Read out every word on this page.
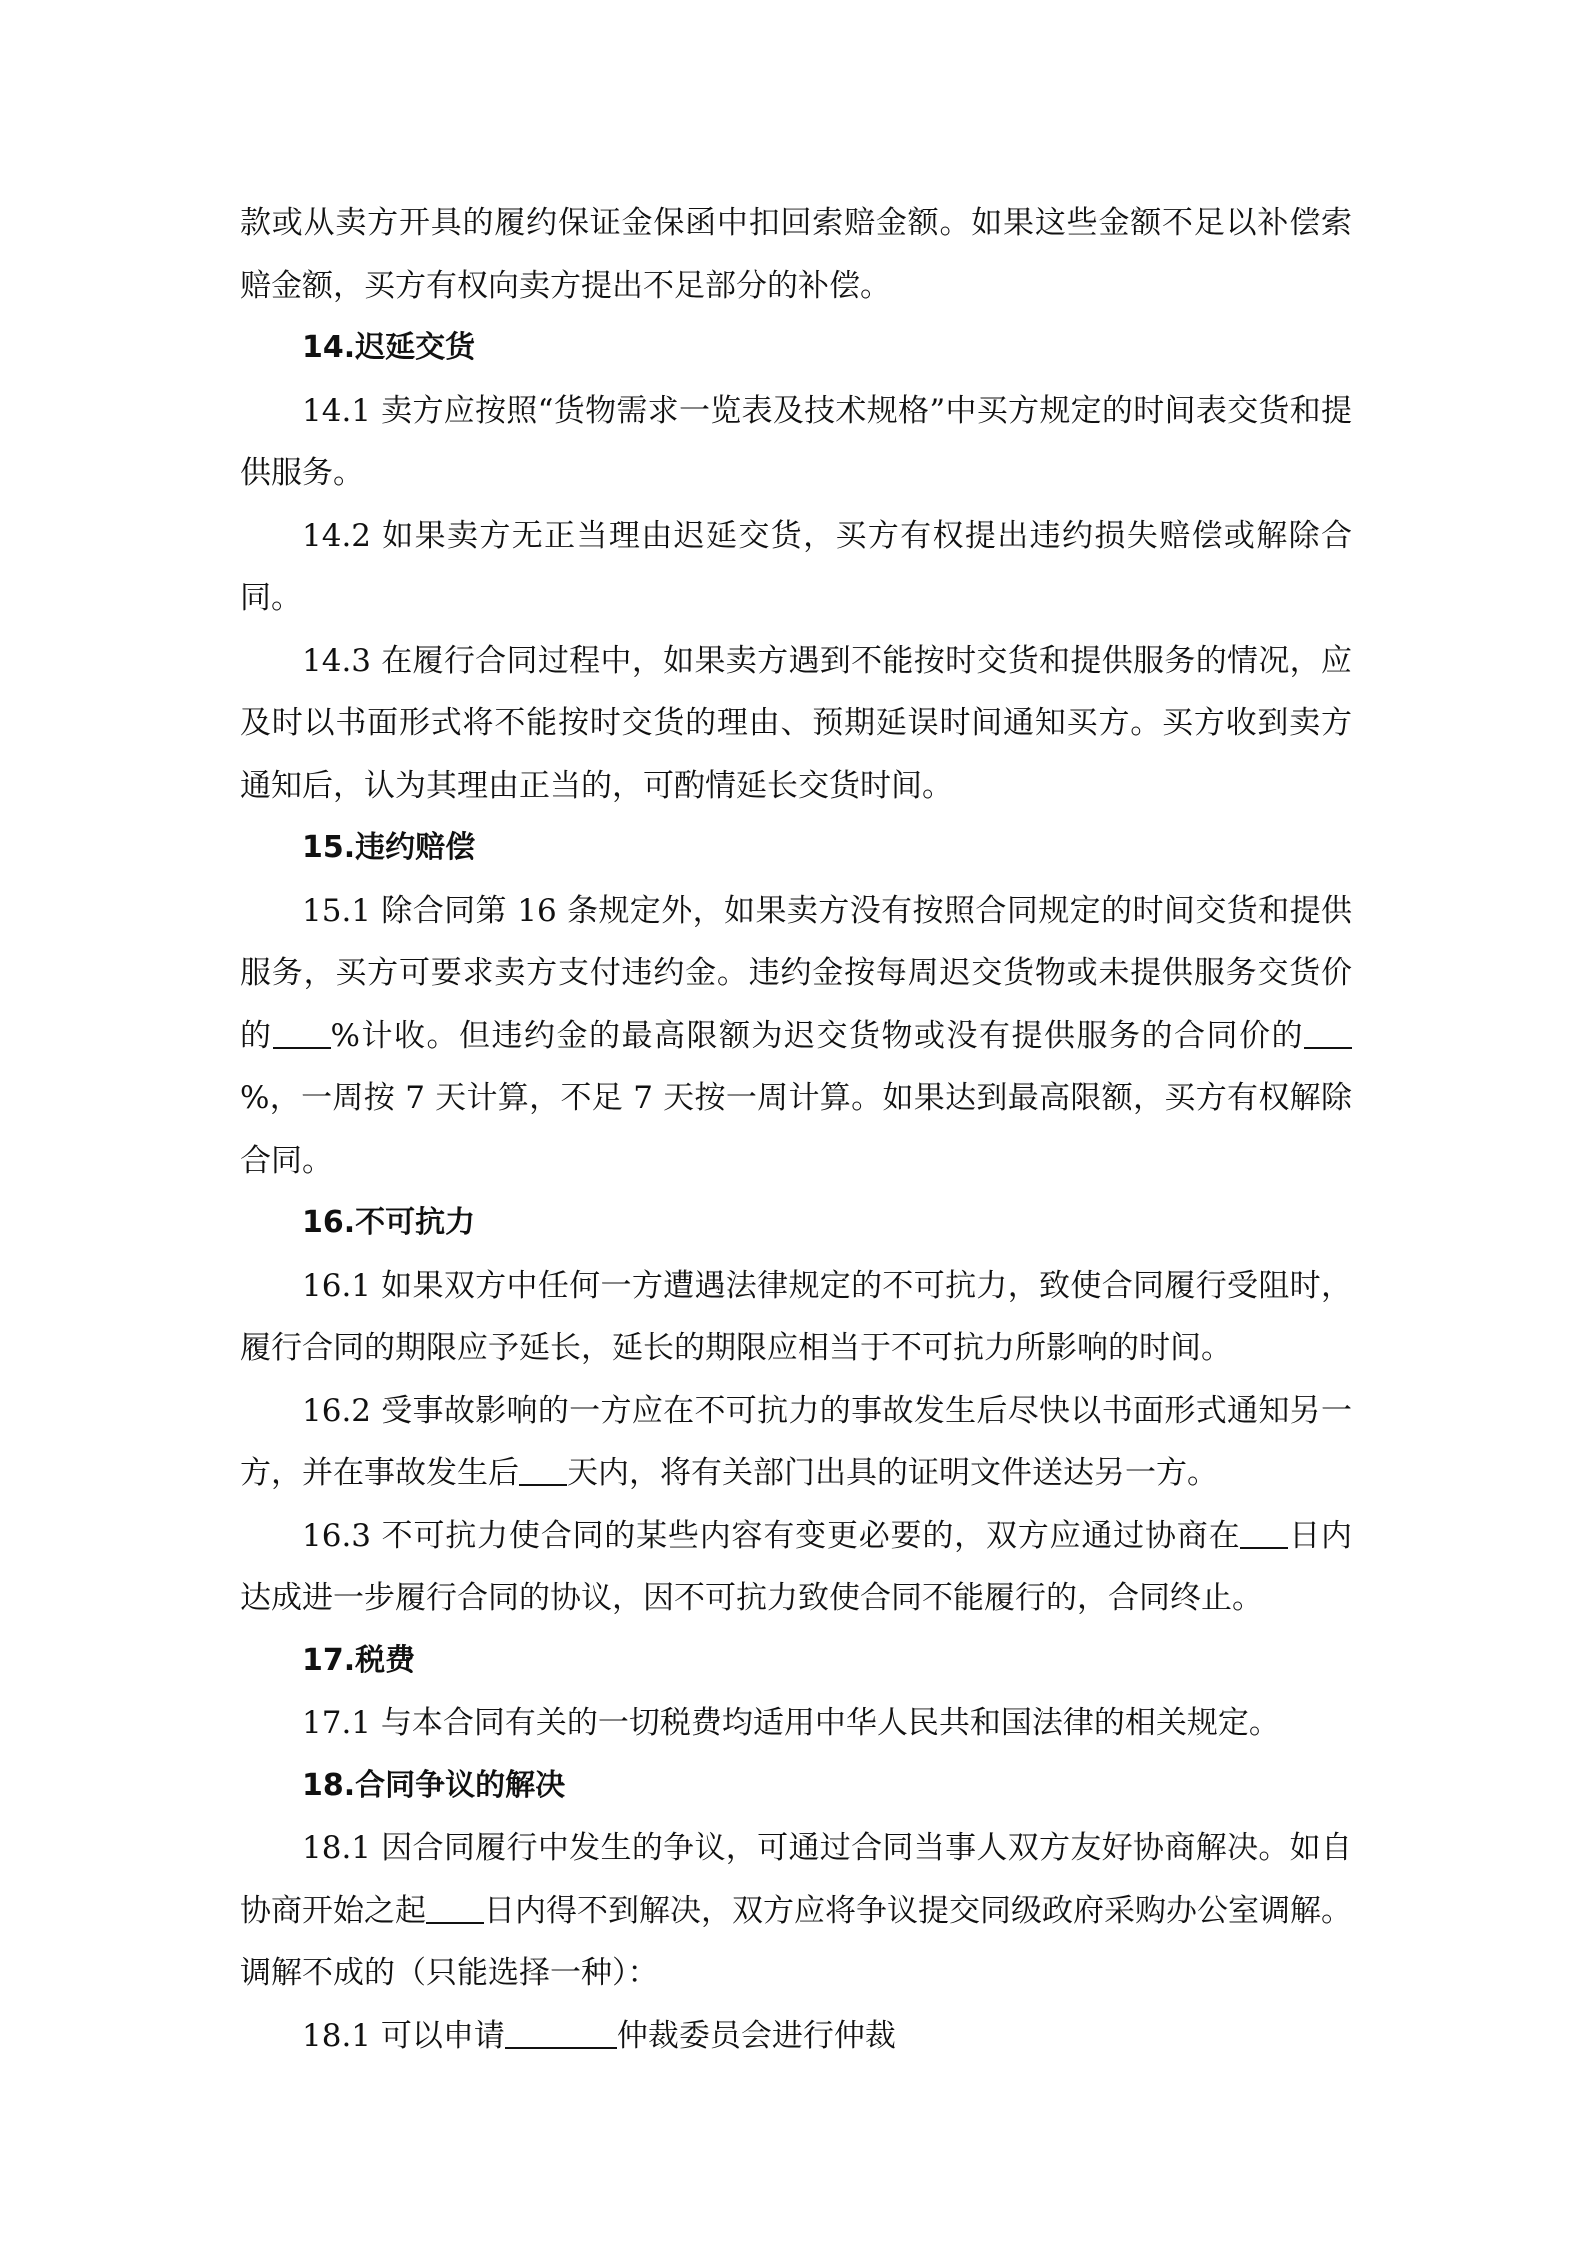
款或从卖方开具的履约保证金保函中扣回索赔金额。如果这些金额不足以补偿索赔金额，买方有权向卖方提出不足部分的补偿。

14.迟延交货

14.1 卖方应按照“货物需求一览表及技术规格”中买方规定的时间表交货和提供服务。

14.2 如果卖方无正当理由迟延交货，买方有权提出违约损失赔偿或解除合同。

14.3 在履行合同过程中，如果卖方遇到不能按时交货和提供服务的情况，应及时以书面形式将不能按时交货的理由、预期延误时间通知买方。买方收到卖方通知后，认为其理由正当的，可酌情延长交货时间。

15.违约赔偿

15.1 除合同第 16 条规定外，如果卖方没有按照合同规定的时间交货和提供服务，买方可要求卖方支付违约金。违约金按每周迟交货物或未提供服务交货价的 %计收。但违约金的最高限额为迟交货物或没有提供服务的合同价的%，一周按 7 天计算，不足 7 天按一周计算。如果达到最高限额，买方有权解除合同。

16.不可抗力

16.1 如果双方中任何一方遭遇法律规定的不可抗力，致使合同履行受阻时，履行合同的期限应予延长，延长的期限应相当于不可抗力所影响的时间。

16.2 受事故影响的一方应在不可抗力的事故发生后尽快以书面形式通知另一方，并在事故发生后 天内，将有关部门出具的证明文件送达另一方。

16.3 不可抗力使合同的某些内容有变更必要的，双方应通过协商在 日内达成进一步履行合同的协议，因不可抗力致使合同不能履行的，合同终止。

17.税费

17.1 与本合同有关的一切税费均适用中华人民共和国法律的相关规定。

18.合同争议的解决

18.1 因合同履行中发生的争议，可通过合同当事人双方友好协商解决。如自协商开始之起 日内得不到解决，双方应将争议提交同级政府采购办公室调解。调解不成的（只能选择一种）：

18.1 可以申请	仲裁委员会进行仲裁
